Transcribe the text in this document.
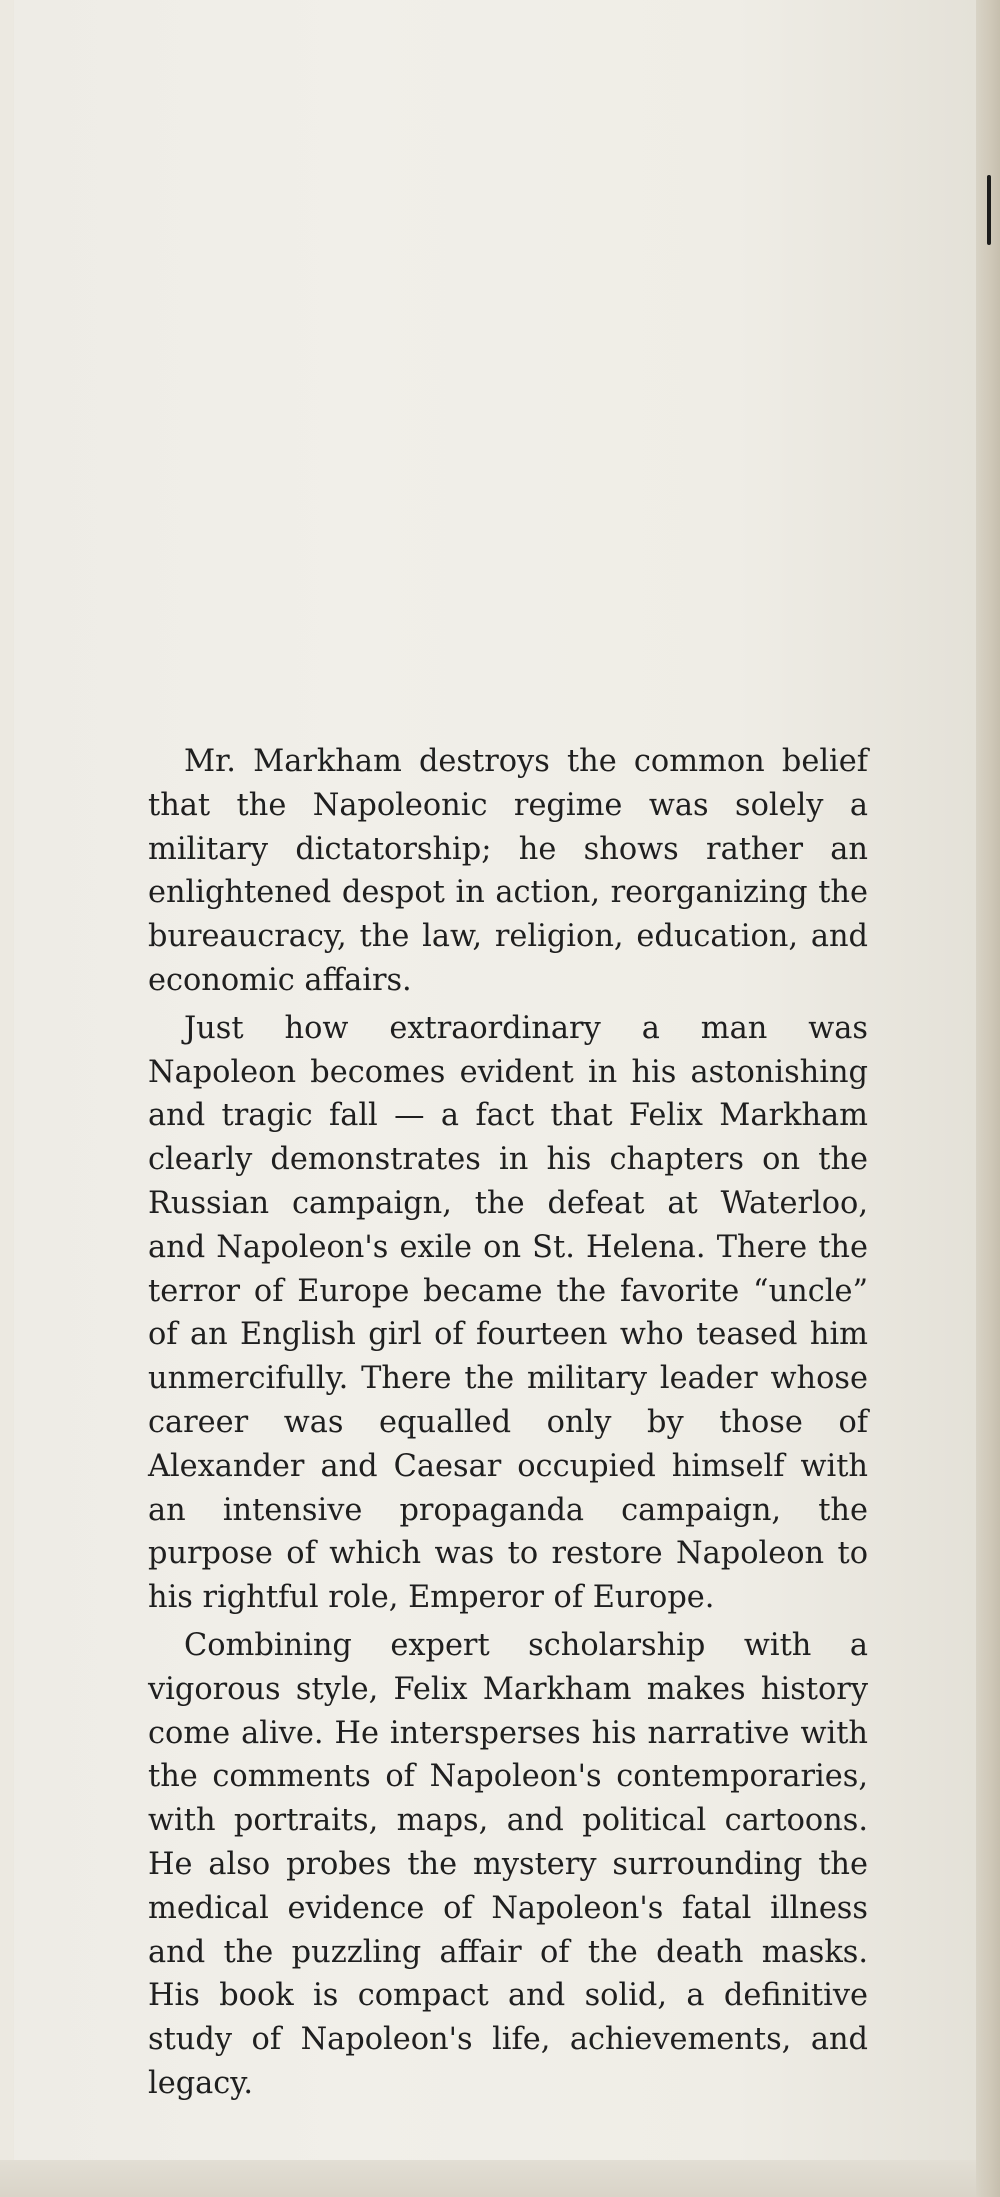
Mr. Markham destroys the common belief that the Napoleonic regime was solely a military dictatorship; he shows rather an enlightened despot in action, reorganizing the bureaucracy, the law, religion, education, and economic affairs.

Just how extraordinary a man was Napoleon becomes evident in his astonishing and tragic fall — a fact that Felix Markham clearly demonstrates in his chapters on the Russian campaign, the defeat at Waterloo, and Napoleon's exile on St. Helena. There the terror of Europe became the favorite “uncle” of an English girl of fourteen who teased him unmercifully. There the military leader whose career was equalled only by those of Alexander and Caesar occupied himself with an intensive propaganda campaign, the purpose of which was to restore Napoleon to his rightful role, Emperor of Europe.

Combining expert scholarship with a vigorous style, Felix Markham makes history come alive. He intersperses his narrative with the comments of Napoleon's contemporaries, with portraits, maps, and political cartoons. He also probes the mystery surrounding the medical evidence of Napoleon's fatal illness and the puzzling affair of the death masks. His book is compact and solid, a definitive study of Napoleon's life, achievements, and legacy.
